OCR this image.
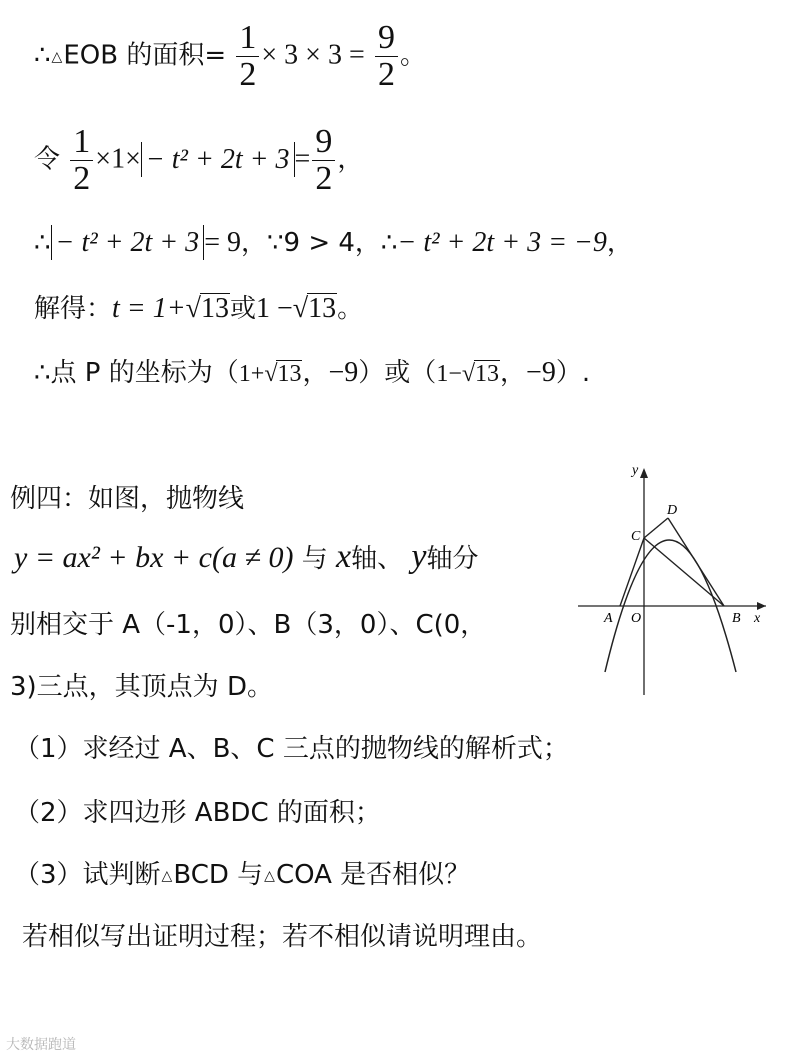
∴△EOB 的面积= $\frac{1}{2} \times 3 \times 3 = \frac{9}{2}$ 。
令 $\frac{1}{2} \times 1\times - t^2 + 2t + 3 = \frac{9}{2}$ ，
∴ − t² + 2t + 3 = 9，∵9 > 4，∴− t² + 2t + 3 = −9，
解得：t = 1+√13或1 −√13。
∴点 P 的坐标为（1+√13，−9）或（1−√13，−9）.
例四：如图，抛物线
y = ax² + bx + c(a ≠ 0) 与 x轴、 y轴分
别相交于 A（-1，0）、B（3，0）、C(0，
3)三点，其顶点为 D。
（1）求经过 A、B、C 三点的抛物线的解析式；
（2）求四边形 ABDC 的面积；
（3）试判断△BCD 与△COA 是否相似？
若相似写出证明过程；若不相似请说明理由。
y
x
O
A	B
C
D
大数据跑道
